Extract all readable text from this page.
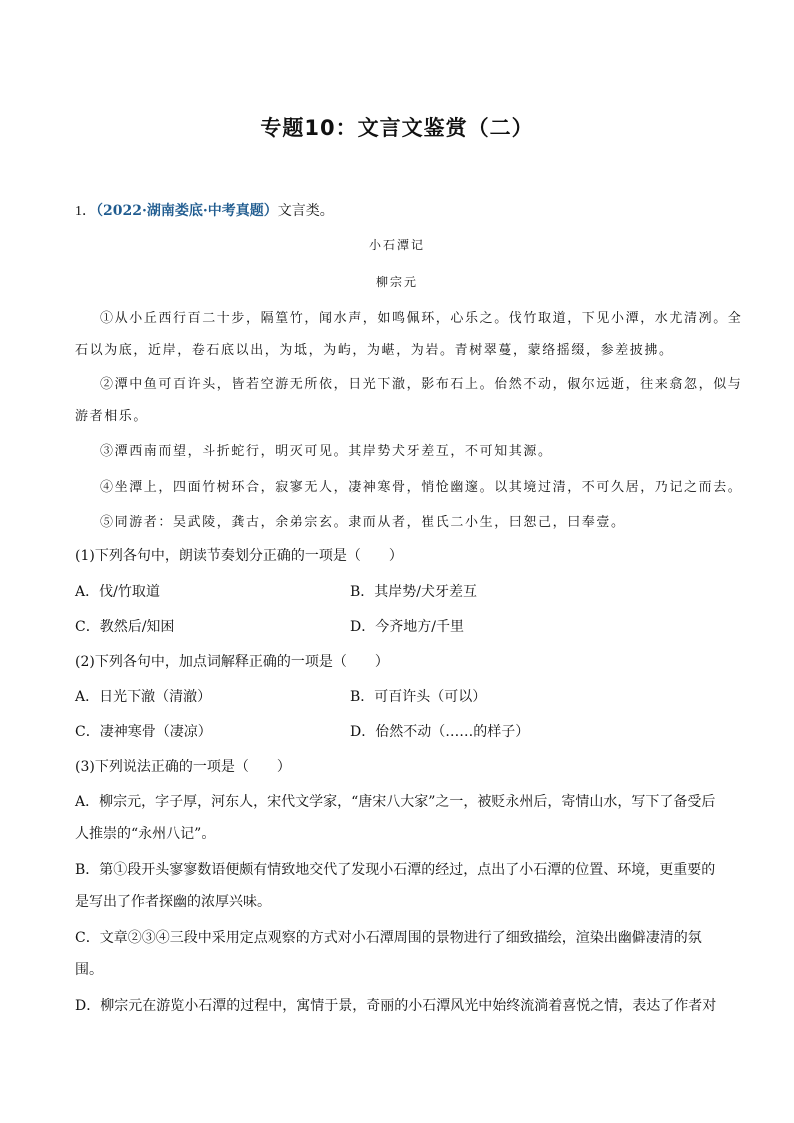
专题10：文言文鉴赏（二）
1．（2022·湖南娄底·中考真题）文言类。
小石潭记
柳宗元
①从小丘西行百二十步，隔篁竹，闻水声，如鸣佩环，心乐之。伐竹取道，下见小潭，水尤清冽。全
石以为底，近岸，卷石底以出，为坻，为屿，为嵁，为岩。青树翠蔓，蒙络摇缀，参差披拂。
②潭中鱼可百许头，皆若空游无所依，日光下澈，影布石上。佁然不动，俶尔远逝，往来翕忽，似与
游者相乐。
③潭西南而望，斗折蛇行，明灭可见。其岸势犬牙差互，不可知其源。
④坐潭上，四面竹树环合，寂寥无人，凄神寒骨，悄怆幽邃。以其境过清，不可久居，乃记之而去。
⑤同游者：吴武陵，龚古，余弟宗玄。隶而从者，崔氏二小生，曰恕己，曰奉壹。
(1)下列各句中，朗读节奏划分正确的一项是（　　）
A．伐/竹取道	B．其岸势/犬牙差互
C．教然后/知困	D．今齐地方/千里
(2)下列各句中，加点词解释正确的一项是（　　）
A．日光下澈（清澈）	B．可百许头（可以）
C．凄神寒骨（凄凉）	D．佁然不动（……的样子）
(3)下列说法正确的一项是（　　）
A．柳宗元，字子厚，河东人，宋代文学家，“唐宋八大家”之一，被贬永州后，寄情山水，写下了备受后
人推崇的“永州八记”。
B．第①段开头寥寥数语便颇有情致地交代了发现小石潭的经过，点出了小石潭的位置、环境，更重要的
是写出了作者探幽的浓厚兴味。
C．文章②③④三段中采用定点观察的方式对小石潭周围的景物进行了细致描绘，渲染出幽僻凄清的氛
围。
D．柳宗元在游览小石潭的过程中，寓情于景，奇丽的小石潭风光中始终流淌着喜悦之情，表达了作者对
